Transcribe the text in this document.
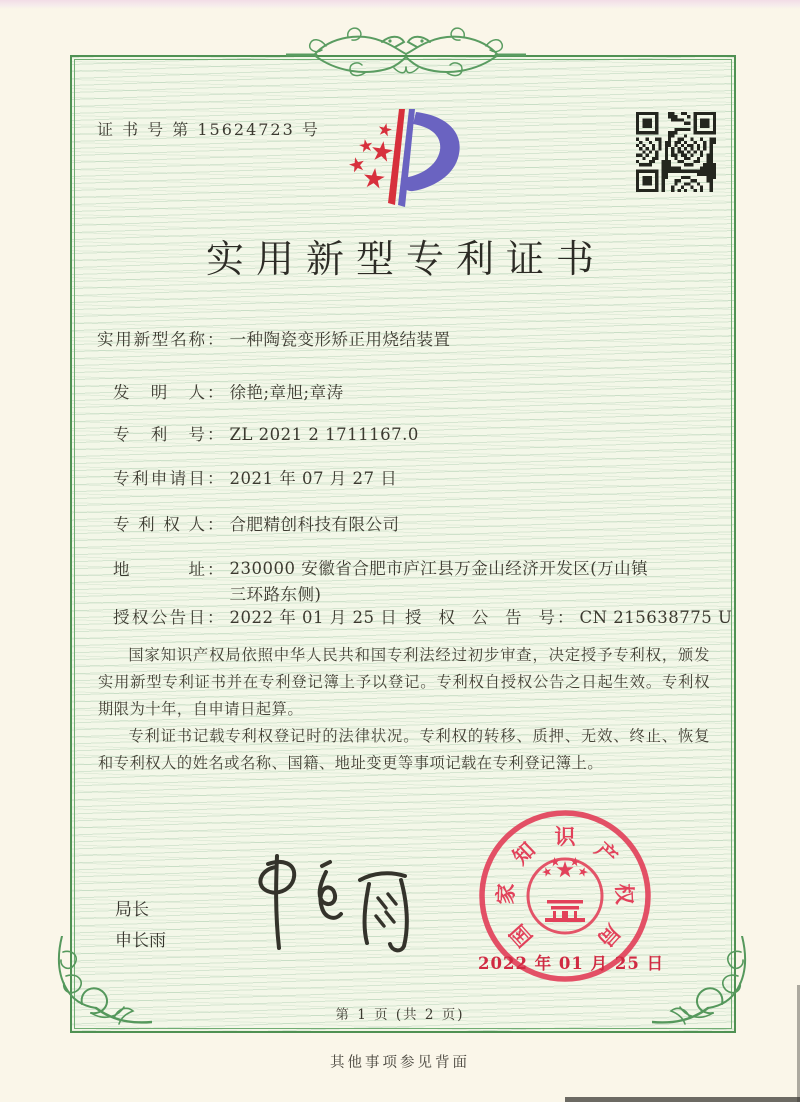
证 书 号 第 15624723 号
实用新型专利证书
实用新型名称 ： 一种陶瓷变形矫正用烧结装置
发明人 ： 徐艳;章旭;章涛
专利号 ： ZL 2021 2 1711167.0
专利申请日 ： 2021 年 07 月 27 日
专利权人 ： 合肥精创科技有限公司
地址 ： 230000 安徽省合肥市庐江县万金山经济开发区(万山镇三环路东侧)
授权公告日 ： 2022 年 01 月 25 日 授权公告号 ： CN 215638775 U

国家知识产权局依照中华人民共和国专利法经过初步审查，决定授予专利权，颁发实用新型专利证书并在专利登记簿上予以登记。专利权自授权公告之日起生效。专利权期限为十年，自申请日起算。

专利证书记载专利权登记时的法律状况。专利权的转移、质押、无效、终止、恢复和专利权人的姓名或名称、国籍、地址变更等事项记载在专利登记簿上。

局长
申长雨	国
家
知
识
产
权
局
2022 年 01 月 25 日
第 1 页 (共 2 页)
其他事项参见背面
